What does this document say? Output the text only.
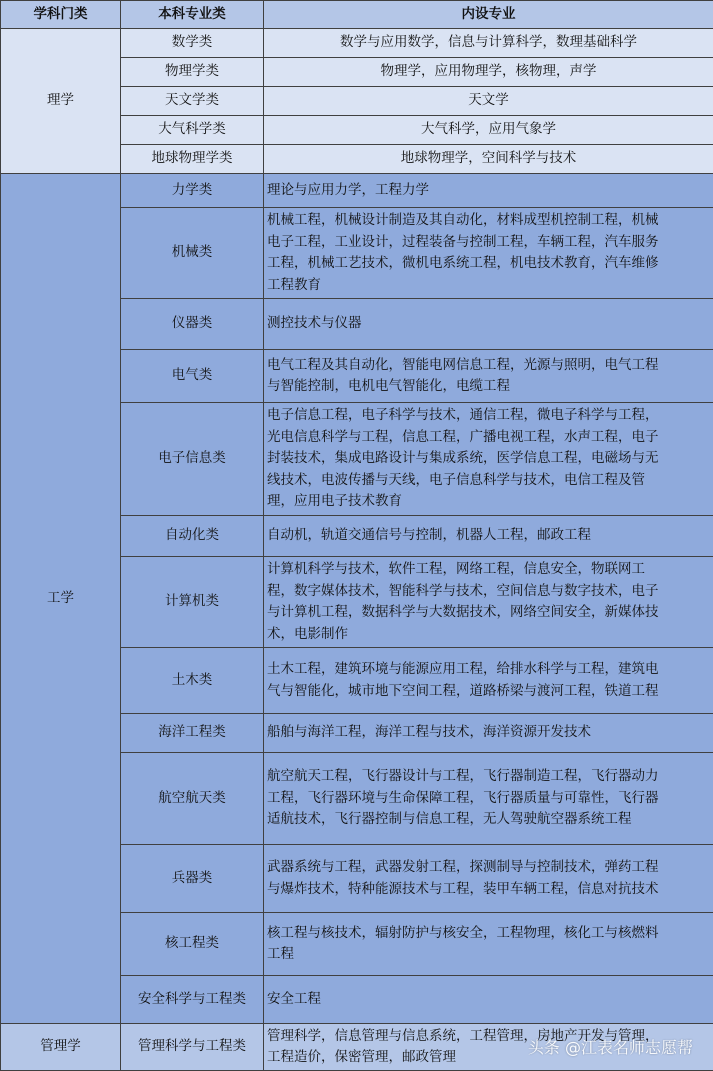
学科门类	本科专业类	内设专业
理学	数学类	数学与应用数学，信息与计算科学，数理基础科学
	物理学类	物理学，应用物理学，核物理，声学
	天文学类	天文学
	大气科学类	大气科学，应用气象学
	地球物理学类	地球物理学，空间科学与技术
工学	力学类	理论与应用力学，工程力学
	机械类	机械工程，机械设计制造及其自动化，材料成型机控制工程，机械
电子工程，工业设计，过程装备与控制工程，车辆工程，汽车服务
工程，机械工艺技术，微机电系统工程，机电技术教育，汽车维修
工程教育
	仪器类	测控技术与仪器
	电气类	电气工程及其自动化，智能电网信息工程，光源与照明，电气工程
与智能控制，电机电气智能化，电缆工程
	电子信息类	电子信息工程，电子科学与技术，通信工程，微电子科学与工程，
光电信息科学与工程，信息工程，广播电视工程，水声工程，电子
封装技术，集成电路设计与集成系统，医学信息工程，电磁场与无
线技术，电波传播与天线，电子信息科学与技术，电信工程及管
理，应用电子技术教育
	自动化类	自动机，轨道交通信号与控制，机器人工程，邮政工程
	计算机类	计算机科学与技术，软件工程，网络工程，信息安全，物联网工
程，数字媒体技术，智能科学与技术，空间信息与数字技术，电子
与计算机工程，数据科学与大数据技术，网络空间安全，新媒体技
术，电影制作
	土木类	土木工程，建筑环境与能源应用工程，给排水科学与工程，建筑电
气与智能化，城市地下空间工程，道路桥梁与渡河工程，铁道工程
	海洋工程类	船舶与海洋工程，海洋工程与技术，海洋资源开发技术
	航空航天类	航空航天工程，飞行器设计与工程，飞行器制造工程，飞行器动力
工程，飞行器环境与生命保障工程，飞行器质量与可靠性，飞行器
适航技术，飞行器控制与信息工程，无人驾驶航空器系统工程
	兵器类	武器系统与工程，武器发射工程，探测制导与控制技术，弹药工程
与爆炸技术，特种能源技术与工程，装甲车辆工程，信息对抗技术
	核工程类	核工程与核技术，辐射防护与核安全，工程物理，核化工与核燃料
工程
	安全科学与工程类	安全工程
管理学	管理科学与工程类	管理科学，信息管理与信息系统，工程管理，房地产开发与管理，
工程造价，保密管理，邮政管理	头条 @江表名师志愿帮
